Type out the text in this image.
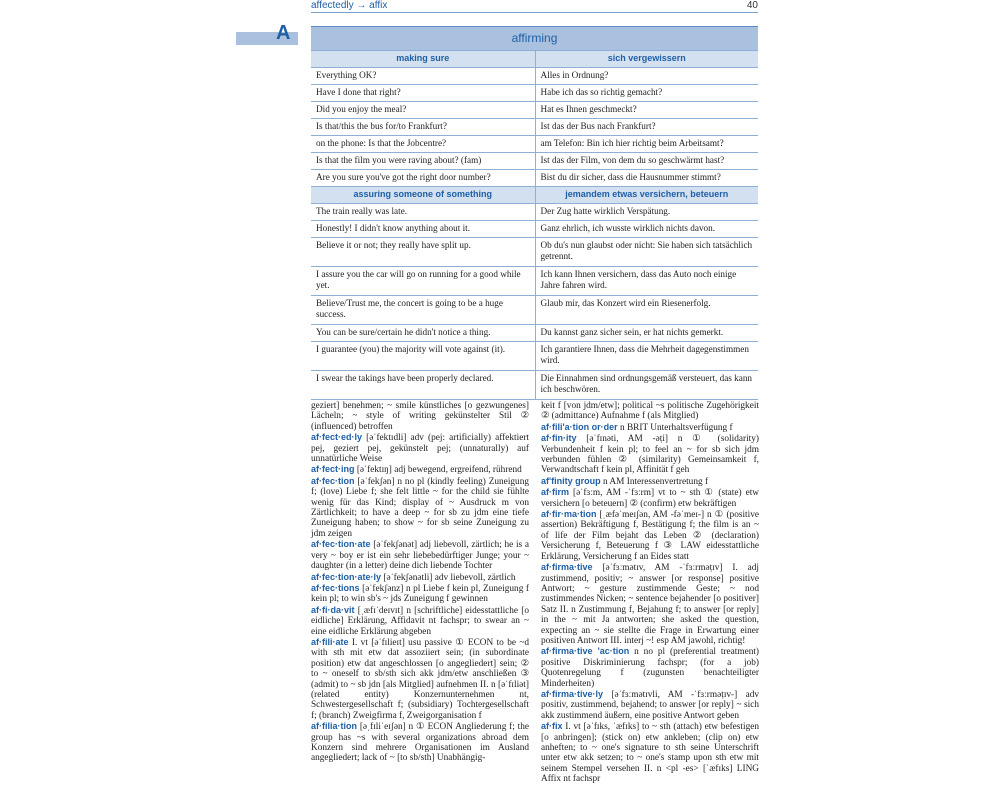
affectedly → affix	40
A	affirming
making sure	sich vergewissern
Everything OK?	Alles in Ordnung?
Have I done that right?	Habe ich das so richtig gemacht?
Did you enjoy the meal?	Hat es Ihnen geschmeckt?
Is that/this the bus for/to Frankfurt?	Ist das der Bus nach Frankfurt?
on the phone: Is that the Jobcentre?	am Telefon: Bin ich hier richtig beim Arbeitsamt?
Is that the film you were raving about? (fam)	Ist das der Film, von dem du so geschwärmt hast?
Are you sure you've got the right door number?	Bist du dir sicher, dass die Hausnummer stimmt?
assuring someone of something	jemandem etwas versichern, beteuern
The train really was late.	Der Zug hatte wirklich Verspätung.
Honestly! I didn't know anything about it.	Ganz ehrlich, ich wusste wirklich nichts davon.
Believe it or not; they really have split up.	Ob du's nun glaubst oder nicht: Sie haben sich tatsächlich getrennt.
I assure you the car will go on running for a good while yet.	Ich kann Ihnen versichern, dass das Auto noch einige Jahre fahren wird.
Believe/Trust me, the concert is going to be a huge success.	Glaub mir, das Konzert wird ein Riesenerfolg.
You can be sure/certain he didn't notice a thing.	Du kannst ganz sicher sein, er hat nichts gemerkt.
I guarantee (you) the majority will vote against (it).	Ich garantiere Ihnen, dass die Mehrheit dagegenstimmen wird.
I swear the takings have been properly declared.	Die Einnahmen sind ordnungsgemäß versteuert, das kann ich beschwören.
geziert] benehmen; ~ smile künstliches [o gezwungenes] Lächeln; ~ style of writing gekünstelter Stil ② (influenced) betroffen
af·fect·ed·ly [əˈfektɪdli] adv (pej: artificially) affektiert pej, geziert pej, gekünstelt pej; (unnaturally) auf unnatürliche Weise
af·fect·ing [əˈfektɪŋ] adj bewegend, ergreifend, rührend
af·fec·tion [əˈfekʃən] n no pl (kindly feeling) Zuneigung f; (love) Liebe f; she felt little ~ for the child sie fühlte wenig für das Kind; display of ~ Ausdruck m von Zärtlichkeit; to have a deep ~ for sb zu jdm eine tiefe Zuneigung haben; to show ~ for sb seine Zuneigung zu jdm zeigen
af·fec·tion·ate [əˈfekʃənət] adj liebevoll, zärtlich; he is a very ~ boy er ist ein sehr liebebedürftiger Junge; your ~ daughter (in a letter) deine dich liebende Tochter
af·fec·tion·ate·ly [əˈfekʃənətli] adv liebevoll, zärtlich
af·fec·tions [əˈfekʃənz] n pl Liebe f kein pl, Zuneigung f kein pl; to win sb's ~ jds Zuneigung f gewinnen
af·fi·da·vit [ˌæfɪˈdeɪvɪt] n [schriftliche] eidesstattliche [o eidliche] Erklärung, Affidavit nt fachspr; to swear an ~ eine eidliche Erklärung abgeben
af·fili·ate I. vt [əˈfɪlieɪt] usu passive ① ECON to be ~d with sth mit etw dat assoziiert sein; (in subordinate position) etw dat angeschlossen [o angegliedert] sein; ② to ~ oneself to sb/sth sich akk jdm/etw anschließen ③ (admit) to ~ sb jdn [als Mitglied] aufnehmen II. n [əˈfɪliət] (related entity) Konzernunternehmen nt, Schwestergesellschaft f; (subsidiary) Tochtergesellschaft f; (branch) Zweigfirma f, Zweigorganisation f
af·filia·tion [əˌfɪliˈeɪʃən] n ① ECON Angliederung f; the group has ~s with several organizations abroad dem Konzern sind mehrere Organisationen im Ausland angegliedert; lack of ~ [to sb/sth] Unabhängig-
keit f [von jdm/etw]; political ~s politische Zugehörigkeit ② (admittance) Aufnahme f (als Mitglied)
af·fili'a·tion or·der n BRIT Unterhaltsverfügung f
af·fin·ity [əˈfɪnəti, AM -əṭi] n ① (solidarity) Verbundenheit f kein pl; to feel an ~ for sb sich jdm verbunden fühlen ② (similarity) Gemeinsamkeit f, Verwandtschaft f kein pl, Affinität f geh
af'finity group n AM Interessenvertretung f
af·firm [əˈfɜːm, AM -ˈfɜːrm] vt to ~ sth ① (state) etw versichern [o beteuern] ② (confirm) etw bekräftigen
af·fir·ma·tion [ˌæfəˈmeɪʃən, AM -fəˈmeɪ-] n ① (positive assertion) Bekräftigung f, Bestätigung f; the film is an ~ of life der Film bejaht das Leben ② (declaration) Versicherung f, Beteuerung f ③ LAW eidesstattliche Erklärung, Versicherung f an Eides statt
af·firma·tive [əˈfɜːmətɪv, AM -ˈfɜːrməṭɪv] I. adj zustimmend, positiv; ~ answer [or response] positive Antwort; ~ gesture zustimmende Geste; ~ nod zustimmendes Nicken; ~ sentence bejahender [o positiver] Satz II. n Zustimmung f, Bejahung f; to answer [or reply] in the ~ mit Ja antworten; she asked the question, expecting an ~ sie stellte die Frage in Erwartung einer positiven Antwort III. interj ~! esp AM jawohl, richtig!
af·firma·tive 'ac·tion n no pl (preferential treatment) positive Diskriminierung fachspr; (for a job) Quotenregelung f (zugunsten benachteiligter Minderheiten)
af·firma·tive·ly [əˈfɜːmətɪvli, AM -ˈfɜːrməṭɪv-] adv positiv, zustimmend, bejahend; to answer [or reply] ~ sich akk zustimmend äußern, eine positive Antwort geben
af·fix I. vt [əˈfɪks, ˈæfɪks] to ~ sth (attach) etw befestigen [o anbringen]; (stick on) etw ankleben; (clip on) etw anheften; to ~ one's signature to sth seine Unterschrift unter etw akk setzen; to ~ one's stamp upon sth etw mit seinem Stempel versehen II. n <pl -es> [ˈæfɪks] LING Affix nt fachspr
